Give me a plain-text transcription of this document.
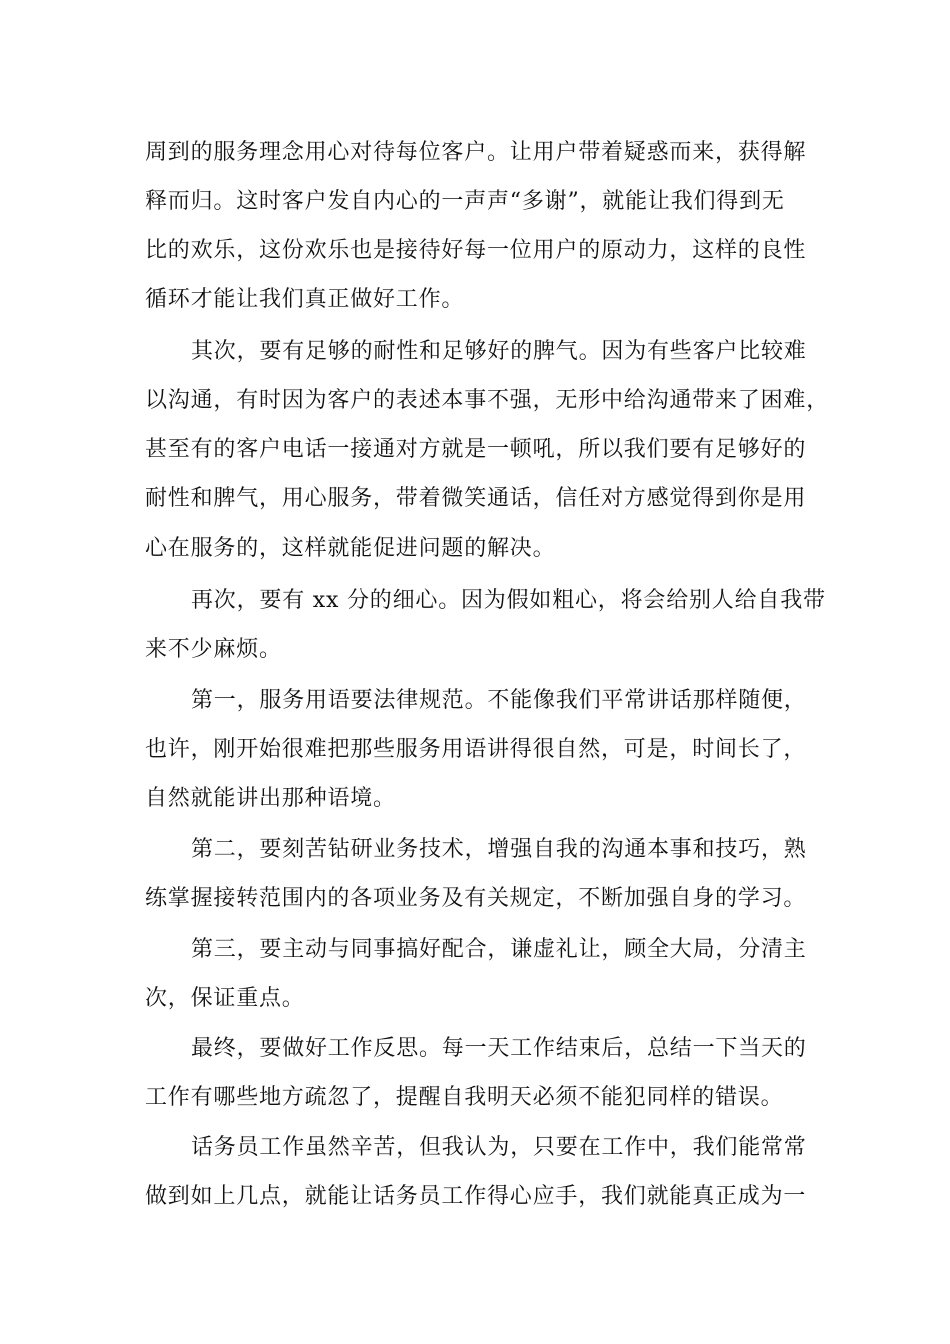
周到的服务理念用心对待每位客户。让用户带着疑惑而来，获得解

释而归。这时客户发自内心的一声声“多谢”，就能让我们得到无

比的欢乐，这份欢乐也是接待好每一位用户的原动力，这样的良性

循环才能让我们真正做好工作。

其次，要有足够的耐性和足够好的脾气。因为有些客户比较难

以沟通，有时因为客户的表述本事不强，无形中给沟通带来了困难，

甚至有的客户电话一接通对方就是一顿吼，所以我们要有足够好的

耐性和脾气，用心服务，带着微笑通话，信任对方感觉得到你是用

心在服务的，这样就能促进问题的解决。

再次，要有 xx 分的细心。因为假如粗心，将会给别人给自我带

来不少麻烦。

第一，服务用语要法律规范。不能像我们平常讲话那样随便，

也许，刚开始很难把那些服务用语讲得很自然，可是，时间长了，

自然就能讲出那种语境。

第二，要刻苦钻研业务技术，增强自我的沟通本事和技巧，熟

练掌握接转范围内的各项业务及有关规定，不断加强自身的学习。

第三，要主动与同事搞好配合，谦虚礼让，顾全大局，分清主

次，保证重点。

最终，要做好工作反思。每一天工作结束后，总结一下当天的

工作有哪些地方疏忽了，提醒自我明天必须不能犯同样的错误。

话务员工作虽然辛苦，但我认为，只要在工作中，我们能常常

做到如上几点，就能让话务员工作得心应手，我们就能真正成为一
